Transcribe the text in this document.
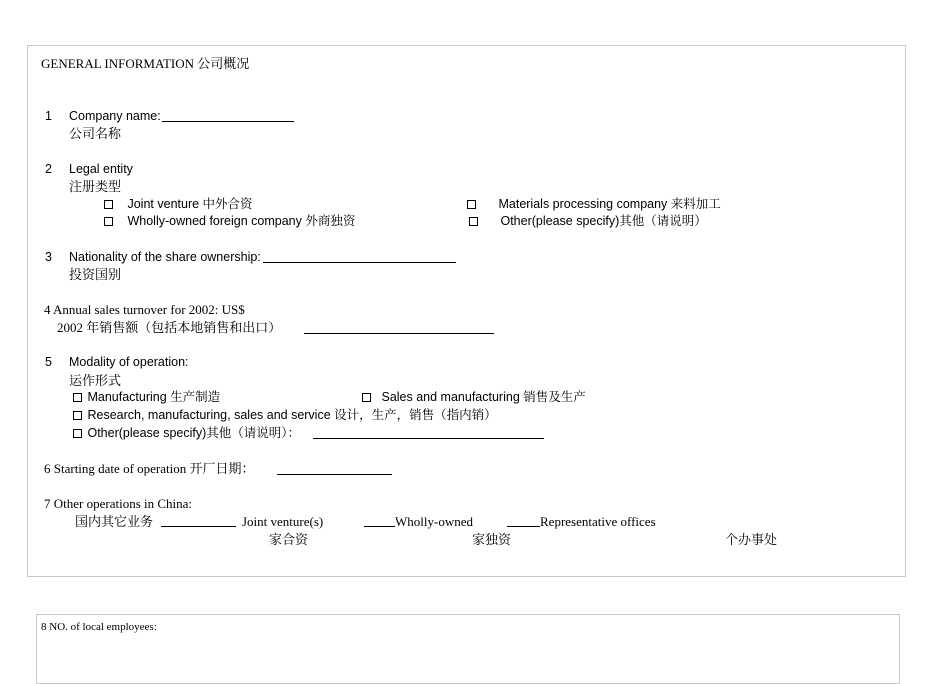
GENERAL INFORMATION 公司概况
1 Company name:
公司名称
2 Legal entity
注册类型
Joint venture 中外合资	Materials processing company 来料加工
Wholly-owned foreign company 外商独资	Other(please specify)其他（请说明）
3 Nationality of the share ownership:
投资国别
4 Annual sales turnover for 2002: US$
2002 年销售额（包括本地销售和出口）
5 Modality of operation:
运作形式
Manufacturing 生产制造	Sales and manufacturing 销售及生产
Research, manufacturing, sales and service 设计，生产，销售（指内销）
Other(please specify)其他（请说明）：
6 Starting date of operation 开厂日期：
7 Other operations in China:
国内其它业务	Joint venture(s)	Wholly-owned	Representative offices
家合资	家独资	个办事处
8 NO. of local employees:
